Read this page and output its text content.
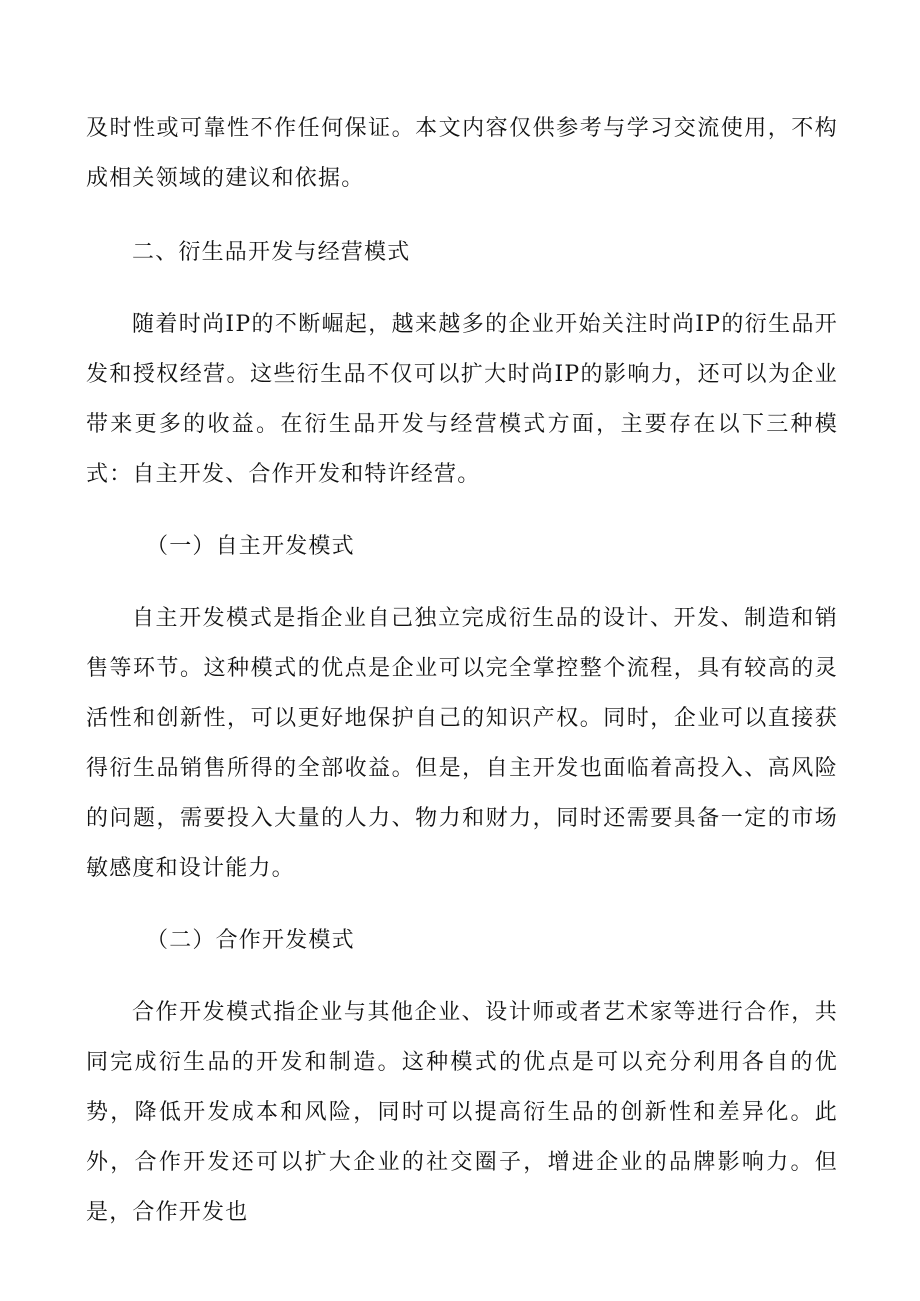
及时性或可靠性不作任何保证。本文内容仅供参考与学习交流使用，不构成相关领域的建议和依据。

二、衍生品开发与经营模式

随着时尚IP的不断崛起，越来越多的企业开始关注时尚IP的衍生品开发和授权经营。这些衍生品不仅可以扩大时尚IP的影响力，还可以为企业带来更多的收益。在衍生品开发与经营模式方面，主要存在以下三种模式：自主开发、合作开发和特许经营。

（一）自主开发模式

自主开发模式是指企业自己独立完成衍生品的设计、开发、制造和销售等环节。这种模式的优点是企业可以完全掌控整个流程，具有较高的灵活性和创新性，可以更好地保护自己的知识产权。同时，企业可以直接获得衍生品销售所得的全部收益。但是，自主开发也面临着高投入、高风险的问题，需要投入大量的人力、物力和财力，同时还需要具备一定的市场敏感度和设计能力。

（二）合作开发模式

合作开发模式指企业与其他企业、设计师或者艺术家等进行合作，共同完成衍生品的开发和制造。这种模式的优点是可以充分利用各自的优势，降低开发成本和风险，同时可以提高衍生品的创新性和差异化。此外，合作开发还可以扩大企业的社交圈子，增进企业的品牌影响力。但是，合作开发也
